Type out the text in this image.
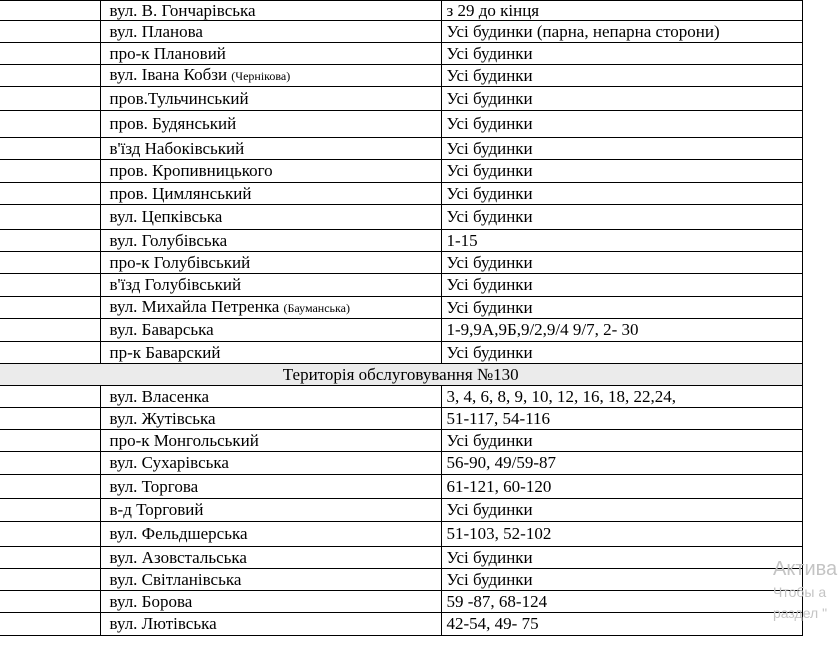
	вул. В. Гончарівська	з 29 до кінця
	вул. Планова	Усі будинки (парна, непарна сторони)
	про-к Плановий	Усі будинки
	вул. Івана Кобзи (Чернікова)	Усі будинки
	пров.Тульчинський	Усі будинки
	пров. Будянський	Усі будинки
	в'їзд Набоківський	Усі будинки
	пров. Кропивницького	Усі будинки
	пров. Цимлянський	Усі будинки
	вул. Цепківська	Усі будинки
	вул. Голубівська	1-15
	про-к Голубівський	Усі будинки
	в'їзд Голубівський	Усі будинки
	вул. Михайла Петренка (Бауманська)	Усі будинки
	вул. Баварська	1-9,9А,9Б,9/2,9/4 9/7, 2- 30
	пр-к Баварский	Усі будинки
Територія обслуговування №130		
	вул. Власенка	3, 4, 6, 8, 9, 10, 12, 16, 18, 22,24,
	вул. Жутівська	51-117, 54-116
	про-к Монгольський	Усі будинки
	вул. Сухарівська	56-90, 49/59-87
	вул. Торгова	61-121, 60-120
	в-д Торговий	Усі будинки
	вул. Фельдшерська	51-103, 52-102
	вул. Азовстальська	Усі будинки
	вул. Світланівська	Усі будинки
	вул. Борова	59 -87, 68-124
	вул. Лютівська	42-54, 49- 75
Актива
Чтобы а
раздел "
